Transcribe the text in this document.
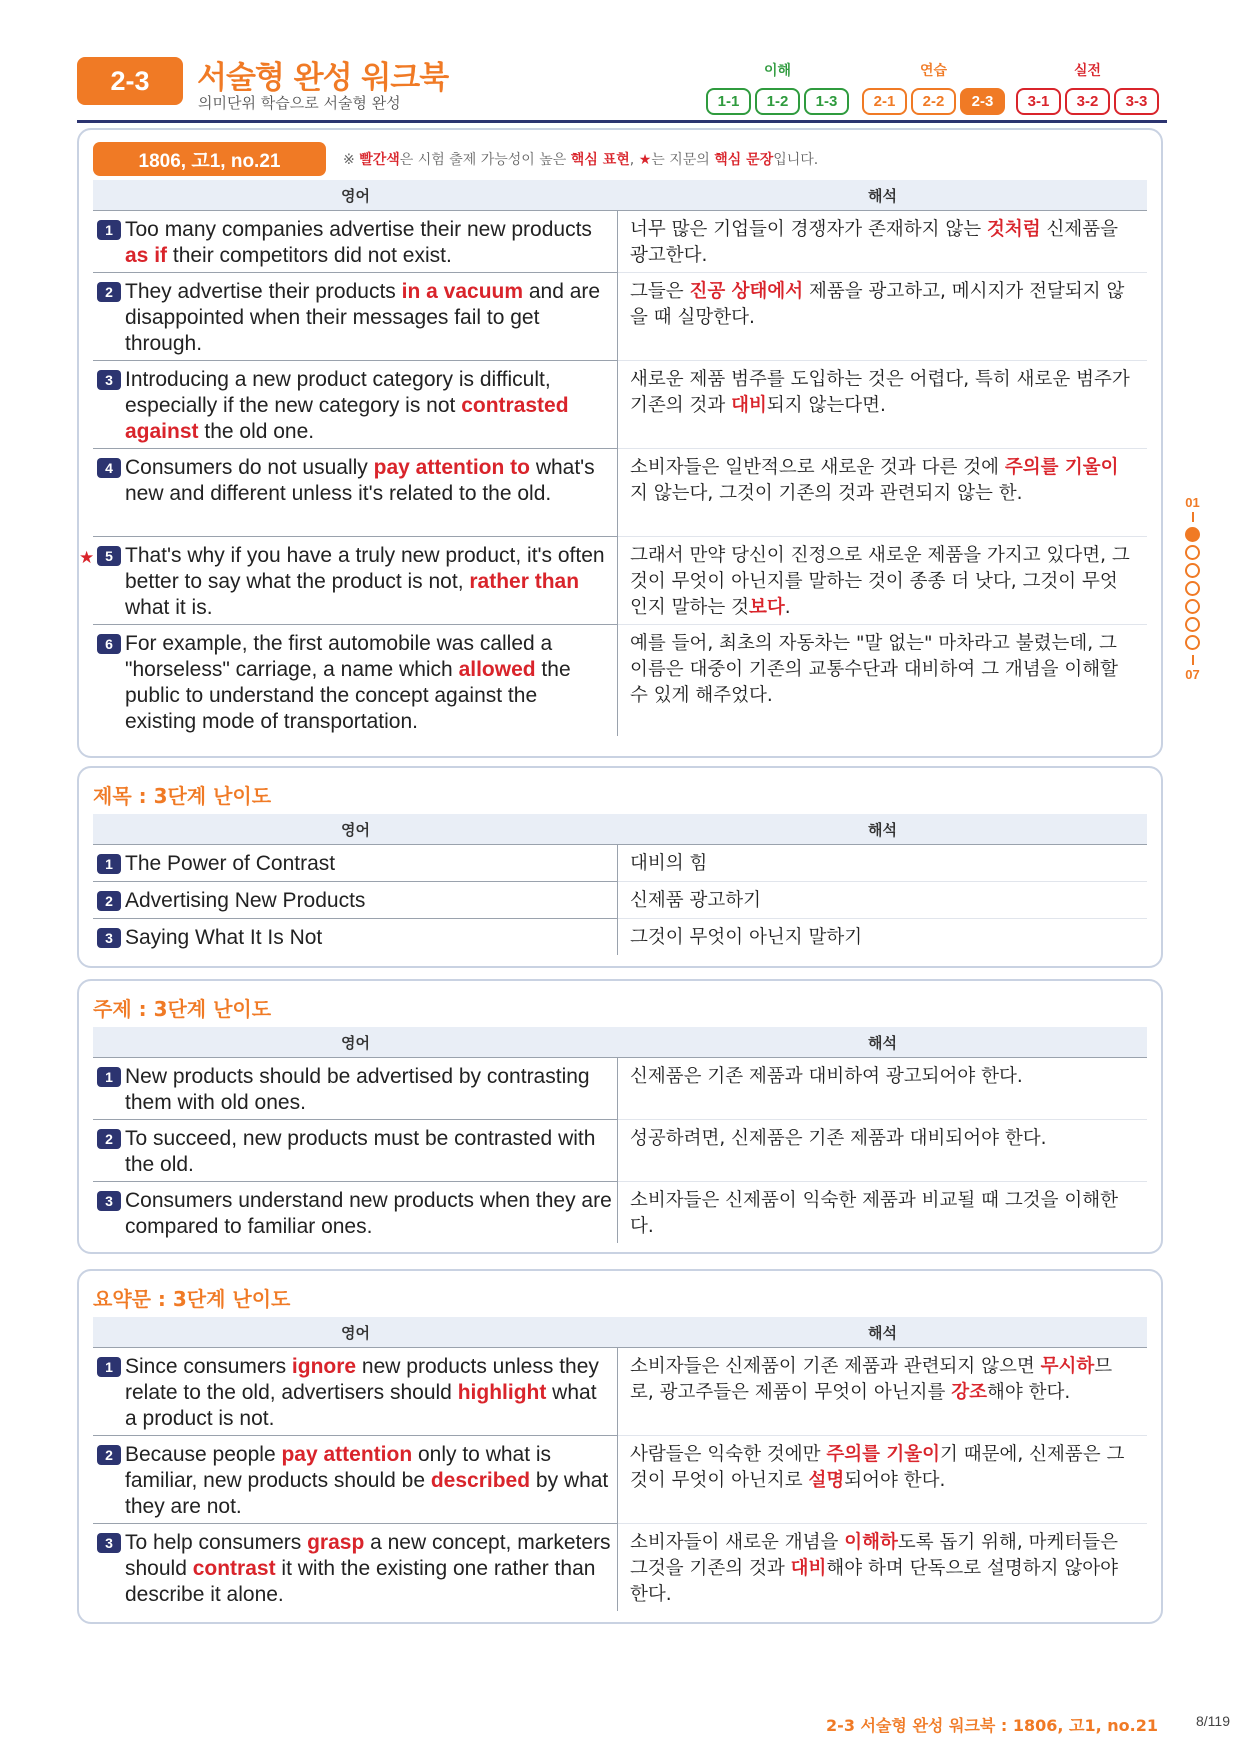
2-3	서술형 완성 워크북
의미단위 학습으로 서술형 완성
이해
1-1	1-2	1-3
연습
2-1	2-2	2-3
실전
3-1	3-2	3-3
1806, 고1, no.21	※ 빨간색은 시험 출제 가능성이 높은 핵심 표현, ★는 지문의 핵심 문장입니다.
영어	해석
1 Too many companies advertise their new products as if their competitors did not exist.
너무 많은 기업들이 경쟁자가 존재하지 않는 것처럼 신제품을 광고한다.
2 They advertise their products in a vacuum and are disappointed when their messages fail to get through.
그들은 진공 상태에서 제품을 광고하고, 메시지가 전달되지 않을 때 실망한다.
3 Introducing a new product category is difficult, especially if the new category is not contrasted against the old one.
새로운 제품 범주를 도입하는 것은 어렵다, 특히 새로운 범주가 기존의 것과 대비되지 않는다면.
4 Consumers do not usually pay attention to what's new and different unless it's related to the old.
소비자들은 일반적으로 새로운 것과 다른 것에 주의를 기울이지 않는다, 그것이 기존의 것과 관련되지 않는 한.
★ 5 That's why if you have a truly new product, it's often better to say what the product is not, rather than what it is.
그래서 만약 당신이 진정으로 새로운 제품을 가지고 있다면, 그것이 무엇이 아닌지를 말하는 것이 종종 더 낫다, 그것이 무엇인지 말하는 것보다.
6 For example, the first automobile was called a "horseless" carriage, a name which allowed the public to understand the concept against the existing mode of transportation.
예를 들어, 최초의 자동차는 "말 없는" 마차라고 불렸는데, 그 이름은 대중이 기존의 교통수단과 대비하여 그 개념을 이해할 수 있게 해주었다.
제목 : 3단계 난이도
영어	해석
1 The Power of Contrast	대비의 힘
2 Advertising New Products	신제품 광고하기
3 Saying What It Is Not	그것이 무엇이 아닌지 말하기
주제 : 3단계 난이도
영어	해석
1 New products should be advertised by contrasting them with old ones.
신제품은 기존 제품과 대비하여 광고되어야 한다.
2 To succeed, new products must be contrasted with the old.
성공하려면, 신제품은 기존 제품과 대비되어야 한다.
3 Consumers understand new products when they are compared to familiar ones.
소비자들은 신제품이 익숙한 제품과 비교될 때 그것을 이해한다.
요약문 : 3단계 난이도
영어	해석
1 Since consumers ignore new products unless they relate to the old, advertisers should highlight what a product is not.
소비자들은 신제품이 기존 제품과 관련되지 않으면 무시하므로, 광고주들은 제품이 무엇이 아닌지를 강조해야 한다.
2 Because people pay attention only to what is familiar, new products should be described by what they are not.
사람들은 익숙한 것에만 주의를 기울이기 때문에, 신제품은 그것이 무엇이 아닌지로 설명되어야 한다.
3 To help consumers grasp a new concept, marketers should contrast it with the existing one rather than describe it alone.
소비자들이 새로운 개념을 이해하도록 돕기 위해, 마케터들은 그것을 기존의 것과 대비해야 하며 단독으로 설명하지 않아야 한다.
01
07
2-3 서술형 완성 워크북 : 1806, 고1, no.21	8/119
